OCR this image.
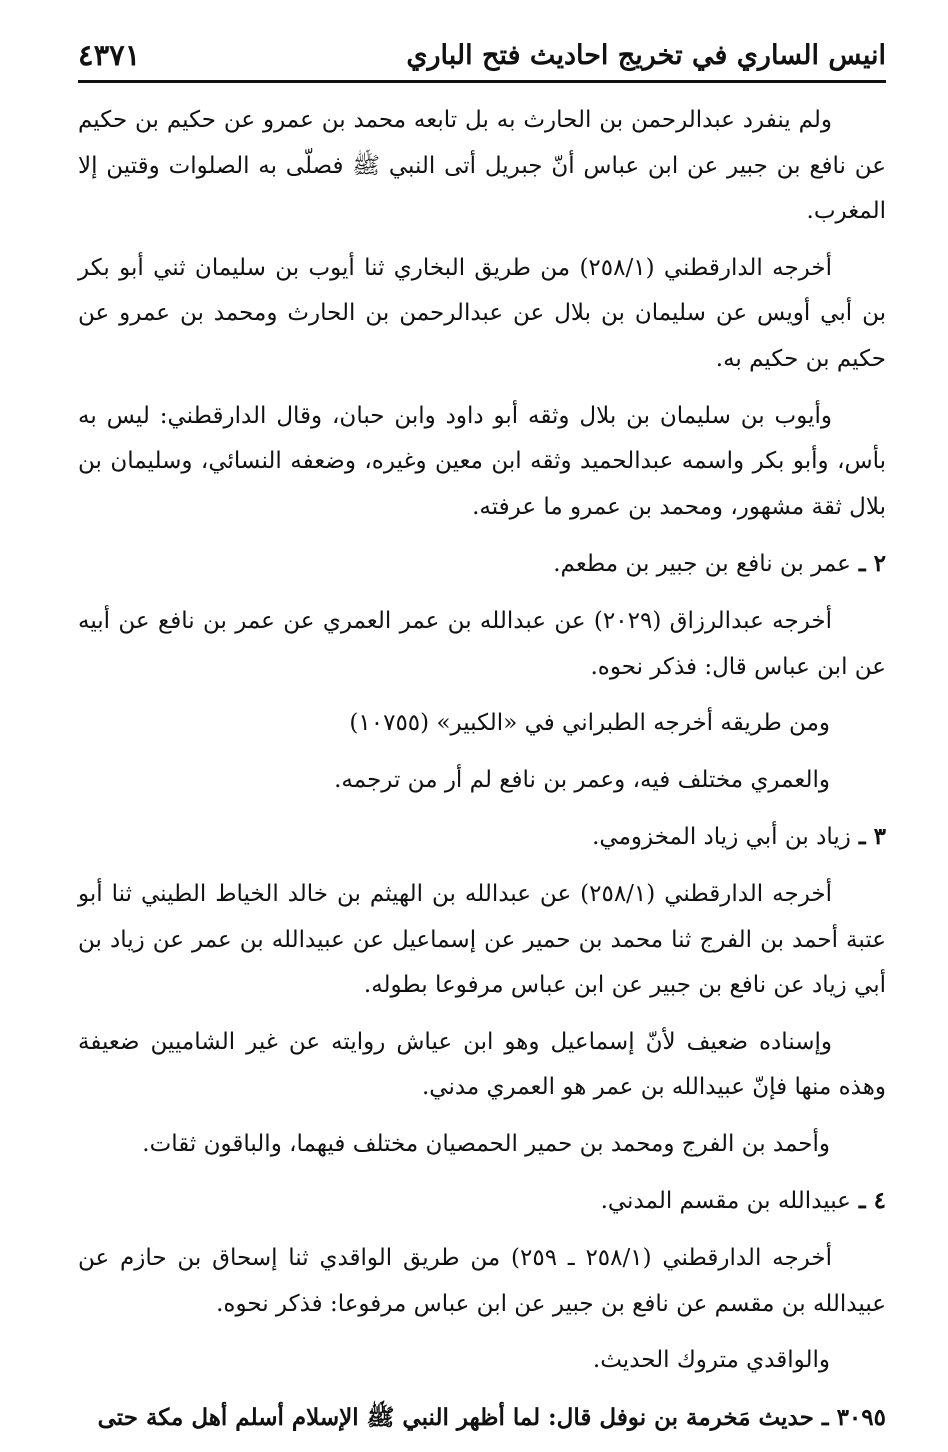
انيس الساري في تخريج احاديث فتح الباري
٤٣٧١

ولم ينفرد عبدالرحمن بن الحارث به بل تابعه محمد بن عمرو عن حكيم بن حكيم عن نافع بن جبير عن ابن عباس أنّ جبريل أتى النبي ﷺ فصلّى به الصلوات وقتين إلا المغرب.

أخرجه الدارقطني (٢٥٨/١) من طريق البخاري ثنا أيوب بن سليمان ثني أبو بكر بن أبي أويس عن سليمان بن بلال عن عبدالرحمن بن الحارث ومحمد بن عمرو عن حكيم بن حكيم به.

وأيوب بن سليمان بن بلال وثقه أبو داود وابن حبان، وقال الدارقطني: ليس به بأس، وأبو بكر واسمه عبدالحميد وثقه ابن معين وغيره، وضعفه النسائي، وسليمان بن بلال ثقة مشهور، ومحمد بن عمرو ما عرفته.

٢ ـ عمر بن نافع بن جبير بن مطعم.

أخرجه عبدالرزاق (٢٠٢٩) عن عبدالله بن عمر العمري عن عمر بن نافع عن أبيه عن ابن عباس قال: فذكر نحوه.

ومن طريقه أخرجه الطبراني في «الكبير» (١٠٧٥٥)

والعمري مختلف فيه، وعمر بن نافع لم أر من ترجمه.

٣ ـ زياد بن أبي زياد المخزومي.

أخرجه الدارقطني (٢٥٨/١) عن عبدالله بن الهيثم بن خالد الخياط الطيني ثنا أبو عتبة أحمد بن الفرج ثنا محمد بن حمير عن إسماعيل عن عبيدالله بن عمر عن زياد بن أبي زياد عن نافع بن جبير عن ابن عباس مرفوعا بطوله.

وإسناده ضعيف لأنّ إسماعيل وهو ابن عياش روايته عن غير الشاميين ضعيفة وهذه منها فإنّ عبيدالله بن عمر هو العمري مدني.

وأحمد بن الفرج ومحمد بن حمير الحمصيان مختلف فيهما، والباقون ثقات.

٤ ـ عبيدالله بن مقسم المدني.

أخرجه الدارقطني (٢٥٨/١ ـ ٢٥٩) من طريق الواقدي ثنا إسحاق بن حازم عن عبيدالله بن مقسم عن نافع بن جبير عن ابن عباس مرفوعا: فذكر نحوه.

والواقدي متروك الحديث.

٣٠٩٥ ـ حديث مَخرمة بن نوفل قال: لما أظهر النبي ﷺ الإسلام أسلم أهل مكة حتى
